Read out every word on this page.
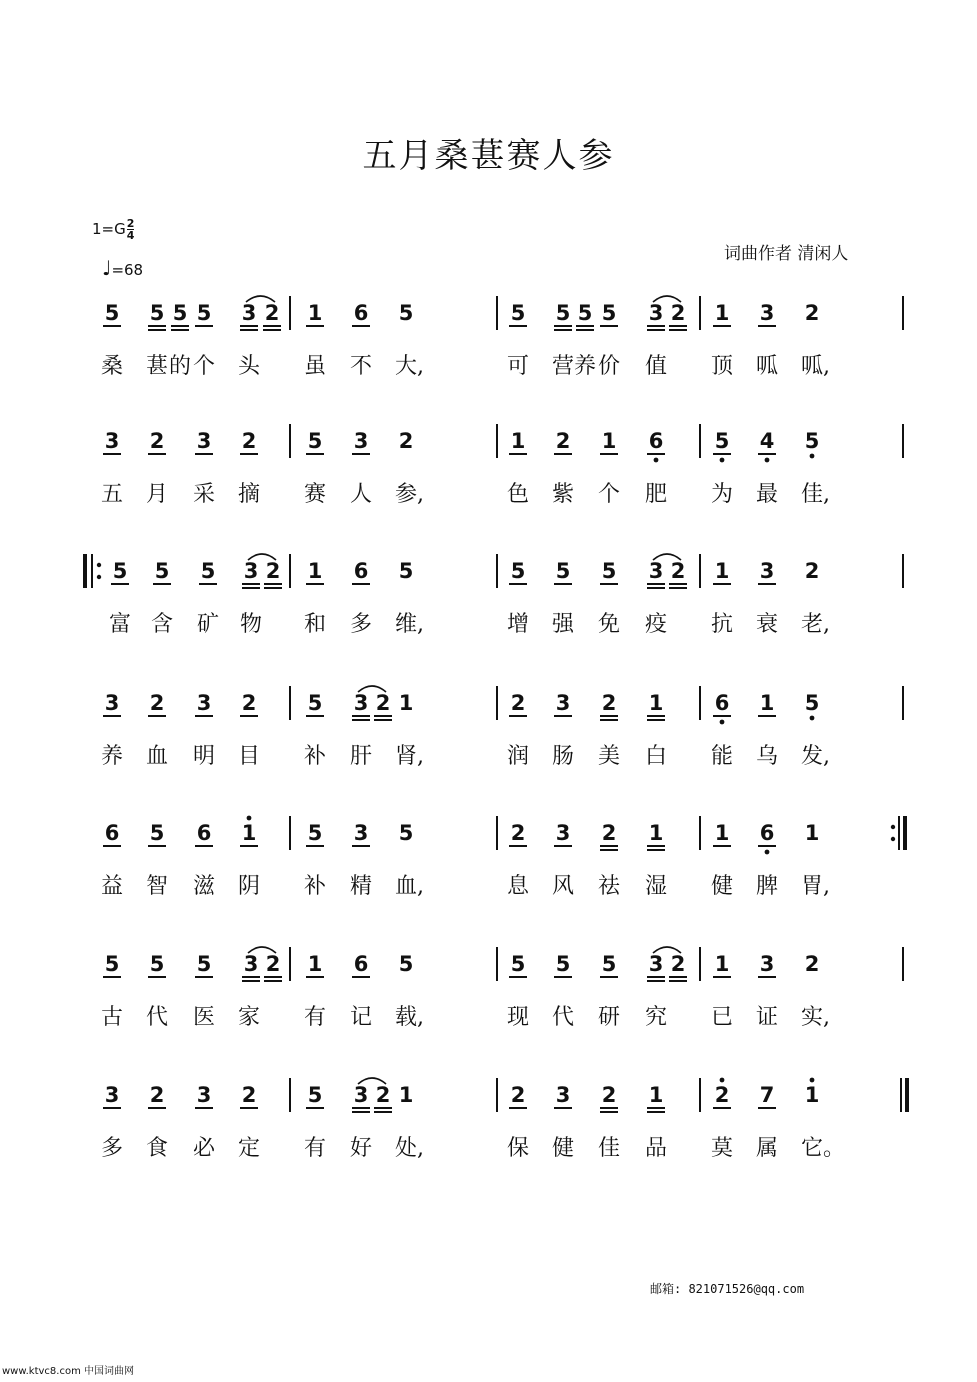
五月桑葚赛人参
$1=G \frac{2}{4}$
♩=68
词曲作者 清闲人
5 5 5 5 3 2 1 6 5	5 5 5 5 3 2 1 3 2
桑 葚 的 个 头 虽 不 大,	可 营 养 价 值 顶 呱 呱,
3 2 3 2 5 3 2	1 2 1 6 5 4 5
五 月 采 摘 赛 人 参,	色 紫 个 肥 为 最 佳,
5 5 5 3 2 1 6 5	5 5 5 3 2 1 3 2
富 含 矿 物 和 多 维,	增 强 免 疫 抗 衰 老,
3 2 3 2 5 3 2 1	2 3 2 1 6 1 5
养 血 明 目 补 肝 肾,	润 肠 美 白 能 乌 发,
6 5 6 1 5 3 5	2 3 2 1 1 6 1
益 智 滋 阴 补 精 血,	息 风 祛 湿 健 脾 胃,
5 5 5 3 2 1 6 5	5 5 5 3 2 1 3 2
古 代 医 家 有 记 载,	现 代 研 究 已 证 实,
3 2 3 2 5 3 2 1	2 3 2 1 2 7 1
多 食 必 定 有 好 处,	保 健 佳 品 莫 属 它。
邮箱: 821071526@qq.com
www.ktvc8.com 中国词曲网
